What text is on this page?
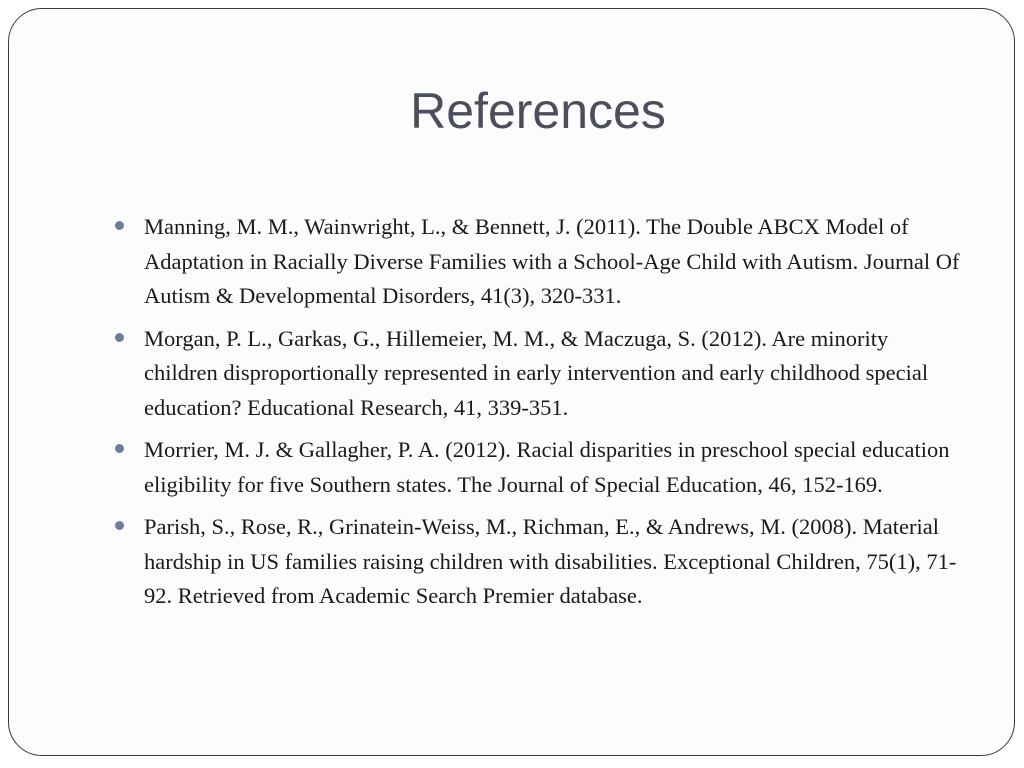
References
Manning, M. M., Wainwright, L., & Bennett, J. (2011). The Double ABCX Model of Adaptation in Racially Diverse Families with a School-Age Child with Autism. Journal Of Autism & Developmental Disorders, 41(3), 320-331.
Morgan, P. L., Garkas, G., Hillemeier, M. M., & Maczuga, S. (2012). Are minority children disproportionally represented in early intervention and early childhood special education? Educational Research, 41, 339-351.
Morrier, M. J. & Gallagher, P. A. (2012). Racial disparities in preschool special education eligibility for five Southern states. The Journal of Special Education, 46, 152-169.
Parish, S., Rose, R., Grinatein-Weiss, M., Richman, E., & Andrews, M. (2008). Material hardship in US families raising children with disabilities. Exceptional Children, 75(1), 71-92. Retrieved from Academic Search Premier database.
